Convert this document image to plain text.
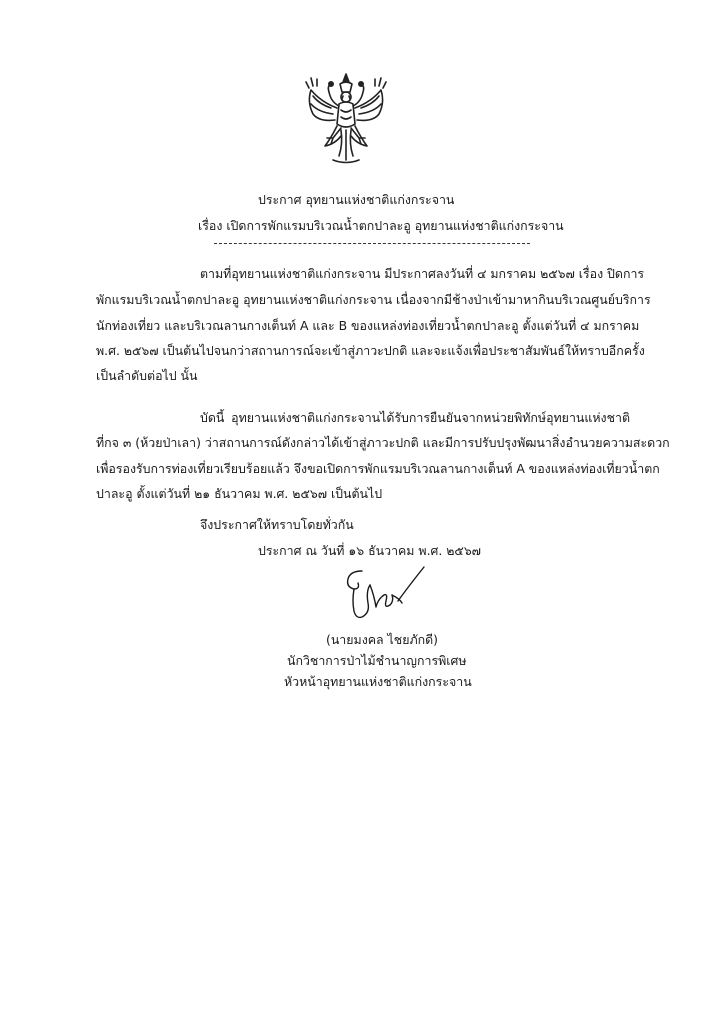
ประกาศ อุทยานแห่งชาติแก่งกระจาน
เรื่อง เปิดการพักแรมบริเวณน้ำตกปาละอู อุทยานแห่งชาติแก่งกระจาน
ตามที่อุทยานแห่งชาติแก่งกระจาน มีประกาศลงวันที่ ๔ มกราคม ๒๕๖๗ เรื่อง ปิดการ
พักแรมบริเวณน้ำตกปาละอู อุทยานแห่งชาติแก่งกระจาน เนื่องจากมีช้างป่าเข้ามาหากินบริเวณศูนย์บริการ
นักท่องเที่ยว และบริเวณลานกางเต็นท์ A และ B ของแหล่งท่องเที่ยวน้ำตกปาละอู ตั้งแต่วันที่ ๔ มกราคม
พ.ศ. ๒๕๖๗ เป็นต้นไปจนกว่าสถานการณ์จะเข้าสู่ภาวะปกติ และจะแจ้งเพื่อประชาสัมพันธ์ให้ทราบอีกครั้ง
เป็นลำดับต่อไป นั้น
บัดนี้ อุทยานแห่งชาติแก่งกระจานได้รับการยืนยันจากหน่วยพิทักษ์อุทยานแห่งชาติ
ที่กจ ๓ (ห้วยป่าเลา) ว่าสถานการณ์ดังกล่าวได้เข้าสู่ภาวะปกติ และมีการปรับปรุงพัฒนาสิ่งอำนวยความสะดวก
เพื่อรองรับการท่องเที่ยวเรียบร้อยแล้ว จึงขอเปิดการพักแรมบริเวณลานกางเต็นท์ A ของแหล่งท่องเที่ยวน้ำตก
ปาละอู ตั้งแต่วันที่ ๒๑ ธันวาคม พ.ศ. ๒๕๖๗ เป็นต้นไป
จึงประกาศให้ทราบโดยทั่วกัน
ประกาศ ณ วันที่ ๑๖ ธันวาคม พ.ศ. ๒๕๖๗
(นายมงคล ไชยภักดี)
นักวิชาการป่าไม้ชำนาญการพิเศษ
หัวหน้าอุทยานแห่งชาติแก่งกระจาน
